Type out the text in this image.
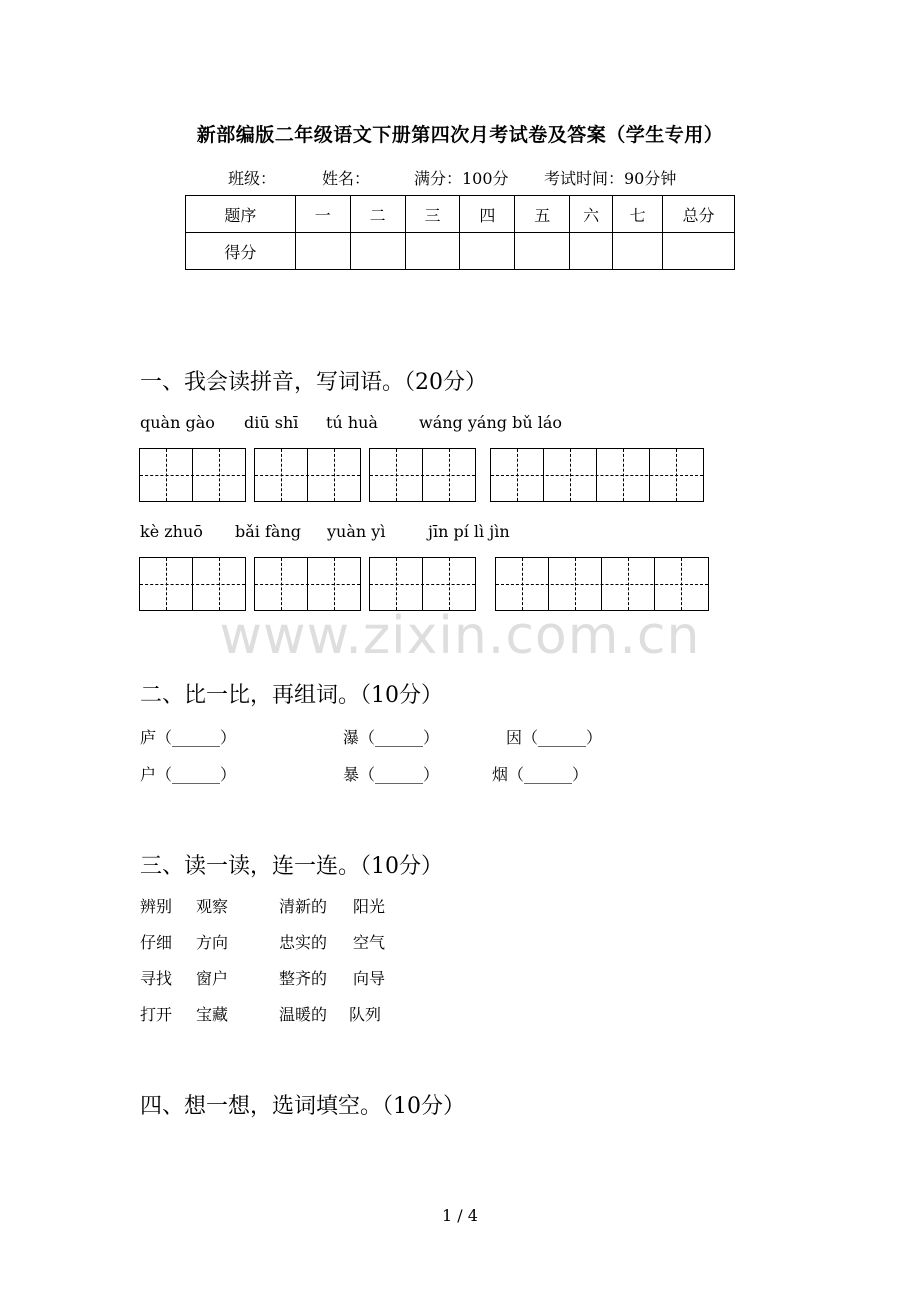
新部编版二年级语文下册第四次月考试卷及答案（学生专用）
班级：	姓名：	满分：100分 考试时间：90分钟
题序	一	二	三	四	五	六	七	总分
得分								
一、我会读拼音，写词语。（20分）
quàn gào diū shī tú huà	wáng yáng bǔ láo
kè zhuō bǎi fàng yuàn yì	jīn pí lì jìn
www.zixin.com.cn
二、比一比，再组词。（10分）
庐（______）	瀑（______）	因（______）
户（______）	暴（______）	烟（______）
三、读一读，连一连。（10分）
辨别 观察	清新的 阳光
仔细 方向	忠实的 空气
寻找 窗户	整齐的 向导
打开 宝藏	温暖的 队列
四、想一想，选词填空。（10分）
1 / 4
